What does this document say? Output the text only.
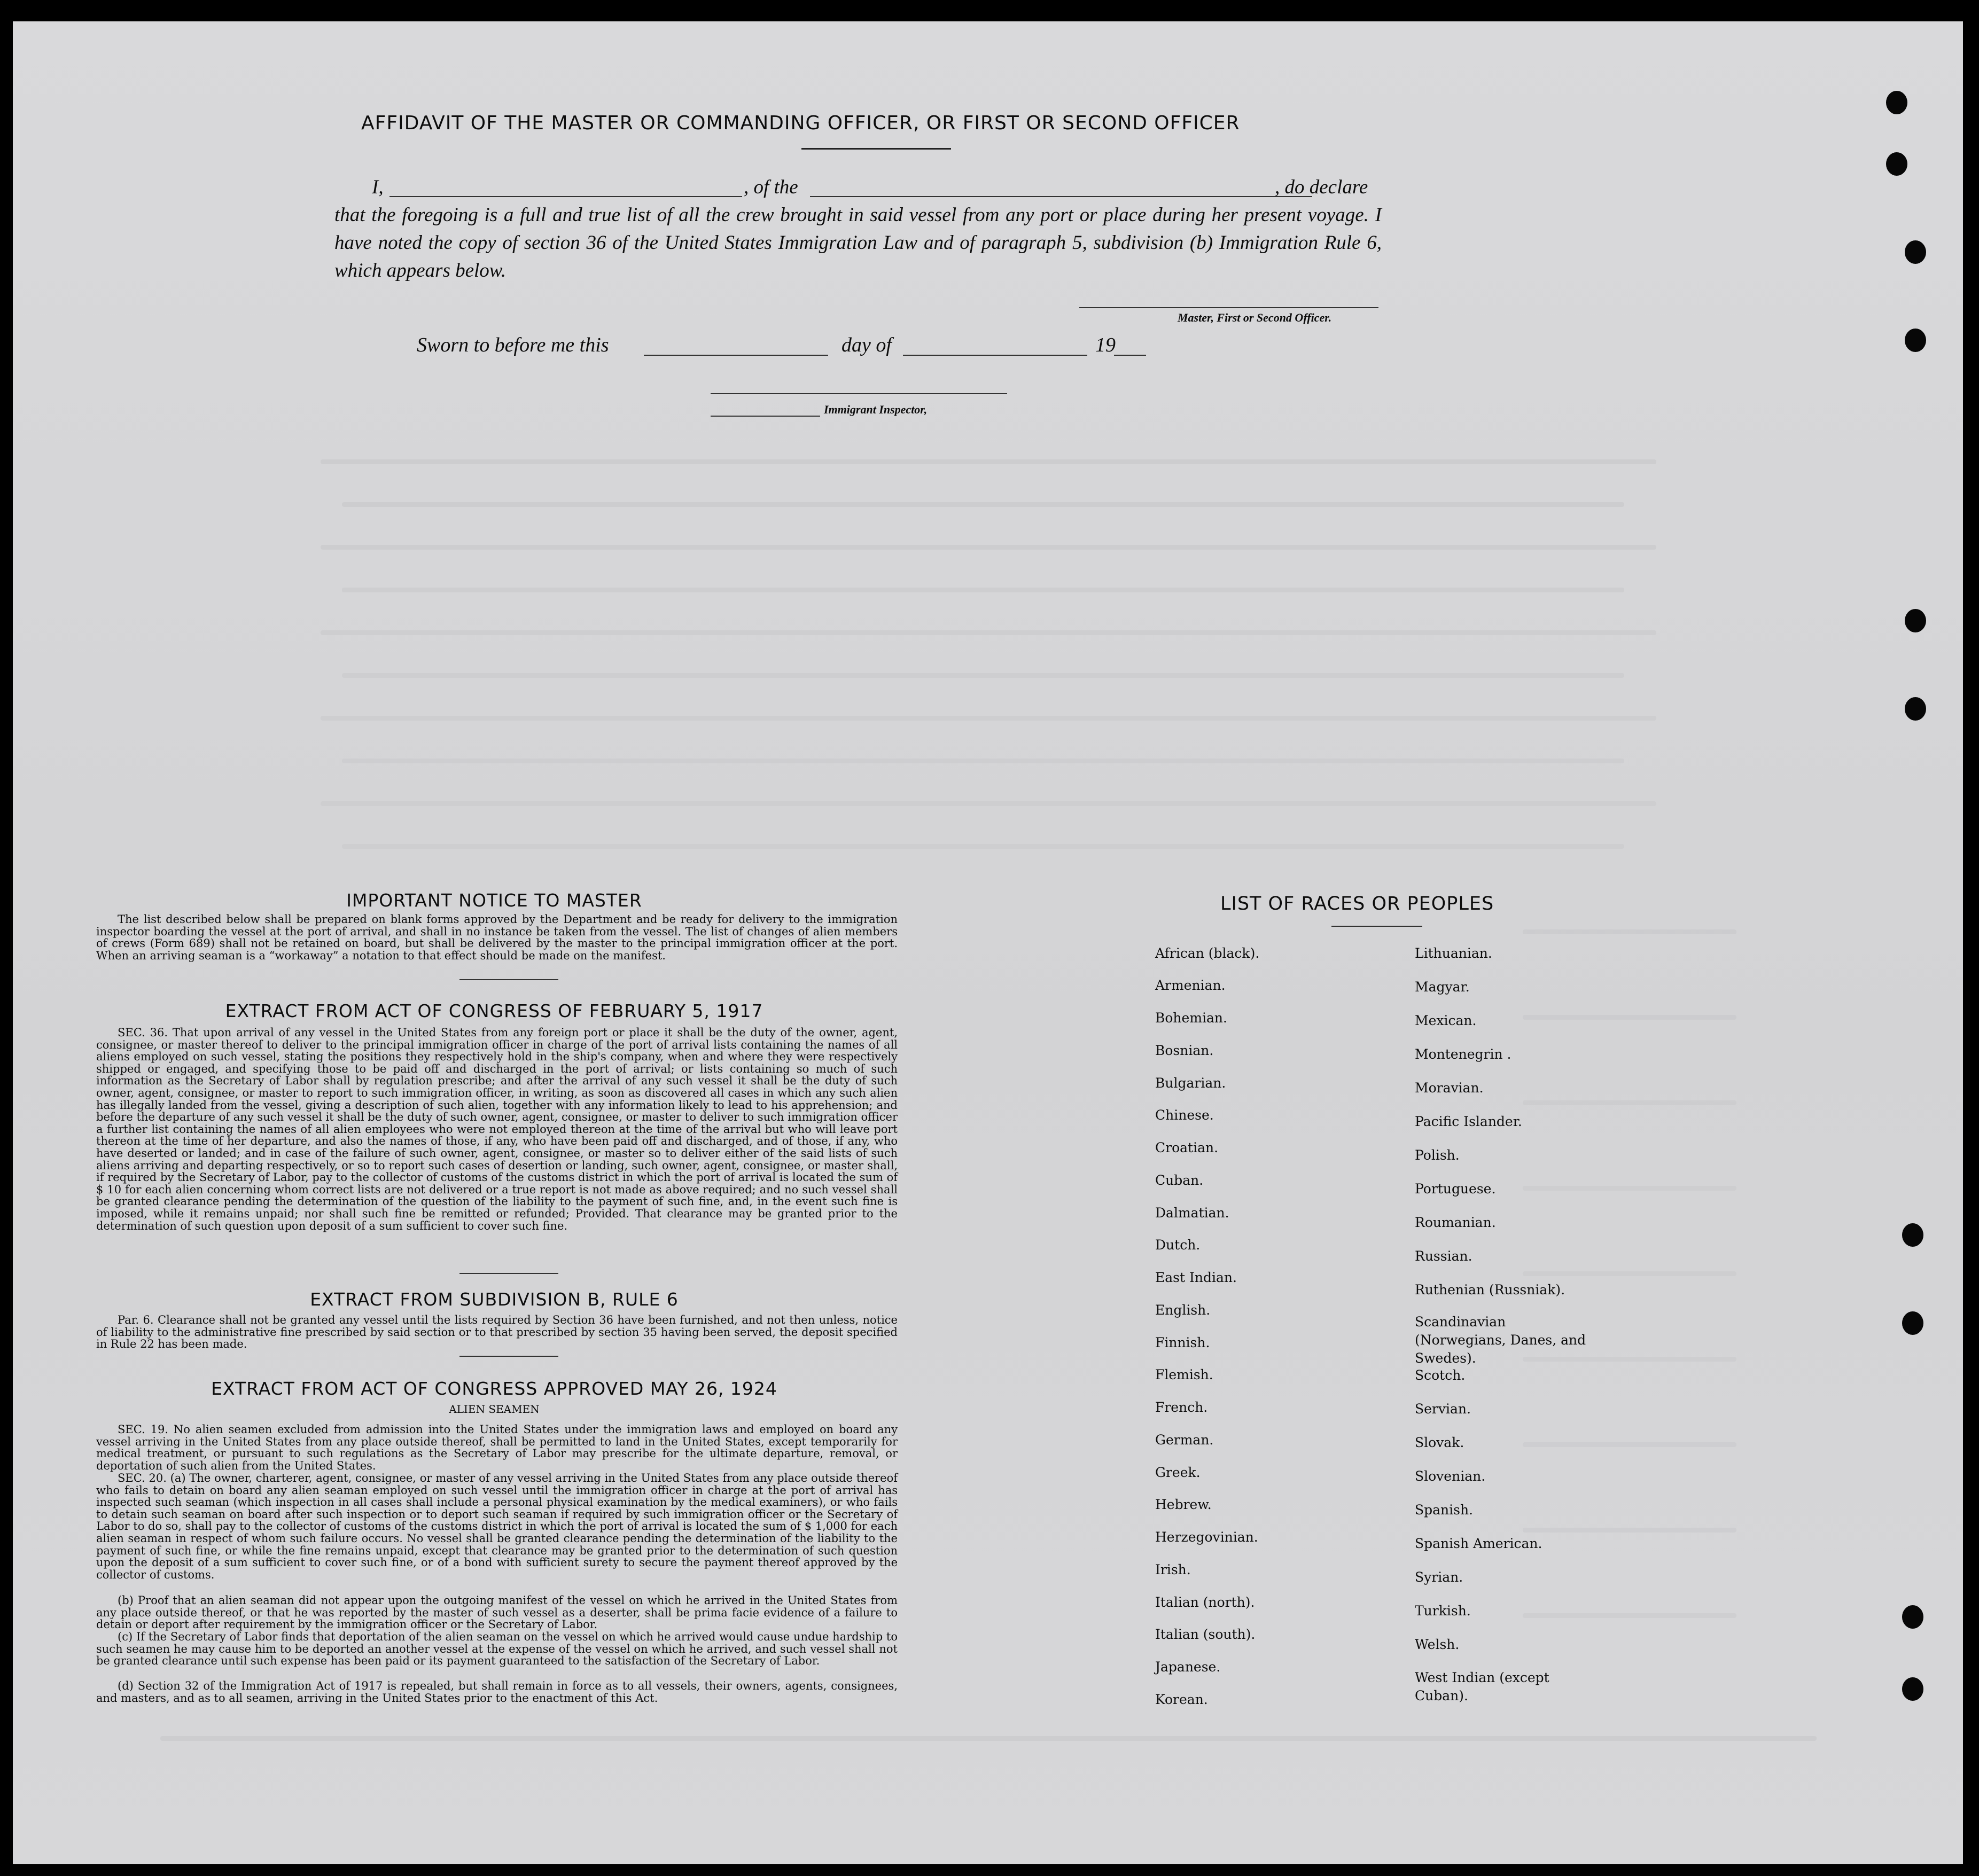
AFFIDAVIT OF THE MASTER OR COMMANDING OFFICER, OR FIRST OR SECOND OFFICER
I,	, of the	, do declare
that the foregoing is a full and true list of all the crew brought in said vessel from any port or place during her present voyage. I have noted the copy of section 36 of the United States Immigration Law and of paragraph 5, subdivision (b) Immigration Rule 6, which appears below.
Master, First or Second Officer.
Sworn to before me this	day of	19
Immigrant Inspector,
IMPORTANT NOTICE TO MASTER
The list described below shall be prepared on blank forms approved by the Department and be ready for delivery to the immigration inspector boarding the vessel at the port of arrival, and shall in no instance be taken from the vessel. The list of changes of alien members of crews (Form 689) shall not be retained on board, but shall be delivered by the master to the principal immigration officer at the port. When an arriving seaman is a “workaway” a notation to that effect should be made on the manifest.
EXTRACT FROM ACT OF CONGRESS OF FEBRUARY 5, 1917
SEC. 36. That upon arrival of any vessel in the United States from any foreign port or place it shall be the duty of the owner, agent, consignee, or master thereof to deliver to the principal immigration officer in charge of the port of arrival lists containing the names of all aliens employed on such vessel, stating the positions they respectively hold in the ship's company, when and where they were respectively shipped or engaged, and specifying those to be paid off and discharged in the port of arrival; or lists containing so much of such information as the Secretary of Labor shall by regulation prescribe; and after the arrival of any such vessel it shall be the duty of such owner, agent, consignee, or master to report to such immigration officer, in writing, as soon as discovered all cases in which any such alien has illegally landed from the vessel, giving a description of such alien, together with any information likely to lead to his apprehension; and before the departure of any such vessel it shall be the duty of such owner, agent, consignee, or master to deliver to such immigration officer a further list containing the names of all alien employees who were not employed thereon at the time of the arrival but who will leave port thereon at the time of her departure, and also the names of those, if any, who have been paid off and discharged, and of those, if any, who have deserted or landed; and in case of the failure of such owner, agent, consignee, or master so to deliver either of the said lists of such aliens arriving and departing respectively, or so to report such cases of desertion or landing, such owner, agent, consignee, or master shall, if required by the Secretary of Labor, pay to the collector of customs of the customs district in which the port of arrival is located the sum of $ 10 for each alien concerning whom correct lists are not delivered or a true report is not made as above required; and no such vessel shall be granted clearance pending the determination of the question of the liability to the payment of such fine, and, in the event such fine is imposed, while it remains unpaid; nor shall such fine be remitted or refunded; Provided. That clearance may be granted prior to the determination of such question upon deposit of a sum sufficient to cover such fine.
EXTRACT FROM SUBDIVISION B, RULE 6
Par. 6. Clearance shall not be granted any vessel until the lists required by Section 36 have been furnished, and not then unless, notice of liability to the administrative fine prescribed by said section or to that prescribed by section 35 having been served, the deposit specified in Rule 22 has been made.
EXTRACT FROM ACT OF CONGRESS APPROVED MAY 26, 1924
ALIEN SEAMEN
SEC. 19. No alien seamen excluded from admission into the United States under the immigration laws and employed on board any vessel arriving in the United States from any place outside thereof, shall be permitted to land in the United States, except temporarily for medical treatment, or pursuant to such regulations as the Secretary of Labor may prescribe for the ultimate departure, removal, or deportation of such alien from the United States.
SEC. 20. (a) The owner, charterer, agent, consignee, or master of any vessel arriving in the United States from any place outside thereof who fails to detain on board any alien seaman employed on such vessel until the immigration officer in charge at the port of arrival has inspected such seaman (which inspection in all cases shall include a personal physical examination by the medical examiners), or who fails to detain such seaman on board after such inspection or to deport such seaman if required by such immigration officer or the Secretary of Labor to do so, shall pay to the collector of customs of the customs district in which the port of arrival is located the sum of $ 1,000 for each alien seaman in respect of whom such failure occurs. No vessel shall be granted clearance pending the determination of the liability to the payment of such fine, or while the fine remains unpaid, except that clearance may be granted prior to the determination of such question upon the deposit of a sum sufficient to cover such fine, or of a bond with sufficient surety to secure the payment thereof approved by the collector of customs.
(b) Proof that an alien seaman did not appear upon the outgoing manifest of the vessel on which he arrived in the United States from any place outside thereof, or that he was reported by the master of such vessel as a deserter, shall be prima facie evidence of a failure to detain or deport after requirement by the immigration officer or the Secretary of Labor.
(c) If the Secretary of Labor finds that deportation of the alien seaman on the vessel on which he arrived would cause undue hardship to such seamen he may cause him to be deported an another vessel at the expense of the vessel on which he arrived, and such vessel shall not be granted clearance until such expense has been paid or its payment guaranteed to the satisfaction of the Secretary of Labor.
(d) Section 32 of the Immigration Act of 1917 is repealed, but shall remain in force as to all vessels, their owners, agents, consignees, and masters, and as to all seamen, arriving in the United States prior to the enactment of this Act.
LIST OF RACES OR PEOPLES
African (black).
Armenian.
Bohemian.
Bosnian.
Bulgarian.
Chinese.
Croatian.
Cuban.
Dalmatian.
Dutch.
East Indian.
English.
Finnish.
Flemish.
French.
German.
Greek.
Hebrew.
Herzegovinian.
Irish.
Italian (north).
Italian (south).
Japanese.
Korean.
Lithuanian.
Magyar.
Mexican.
Montenegrin .
Moravian.
Pacific Islander.
Polish.
Portuguese.
Roumanian.
Russian.
Ruthenian (Russniak).
Scandinavian (Norwegians, Danes, and Swedes).
Scotch.
Servian.
Slovak.
Slovenian.
Spanish.
Spanish American.
Syrian.
Turkish.
Welsh.
West Indian (except Cuban).
